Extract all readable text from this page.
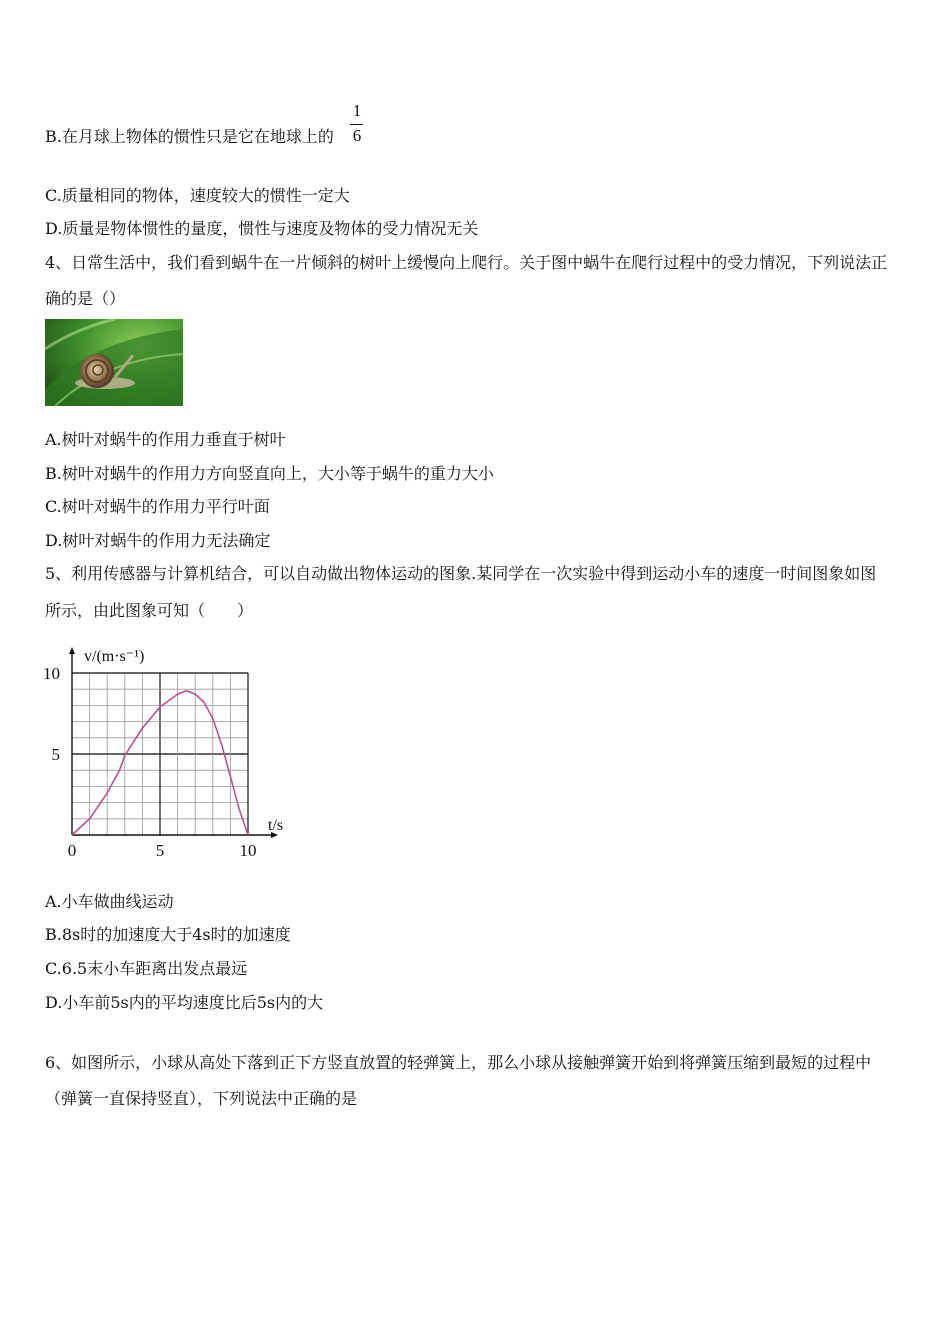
B.在月球上物体的惯性只是它在地球上的
1
6
C.质量相同的物体，速度较大的惯性一定大
D.质量是物体惯性的量度，惯性与速度及物体的受力情况无关
4、日常生活中，我们看到蜗牛在一片倾斜的树叶上缓慢向上爬行。关于图中蜗牛在爬行过程中的受力情况，下列说法正
确的是（）
A.树叶对蜗牛的作用力垂直于树叶
B.树叶对蜗牛的作用力方向竖直向上，大小等于蜗牛的重力大小
C.树叶对蜗牛的作用力平行叶面
D.树叶对蜗牛的作用力无法确定
5、利用传感器与计算机结合，可以自动做出物体运动的图象.某同学在一次实验中得到运动小车的速度一时间图象如图
所示，由此图象可知（　　）
0	5	10
5
10
v/(m·s⁻¹)
t/s
A.小车做曲线运动
B.8s时的加速度大于4s时的加速度
C.6.5末小车距离出发点最远
D.小车前5s内的平均速度比后5s内的大
6、如图所示，小球从高处下落到正下方竖直放置的轻弹簧上，那么小球从接触弹簧开始到将弹簧压缩到最短的过程中
（弹簧一直保持竖直），下列说法中正确的是
